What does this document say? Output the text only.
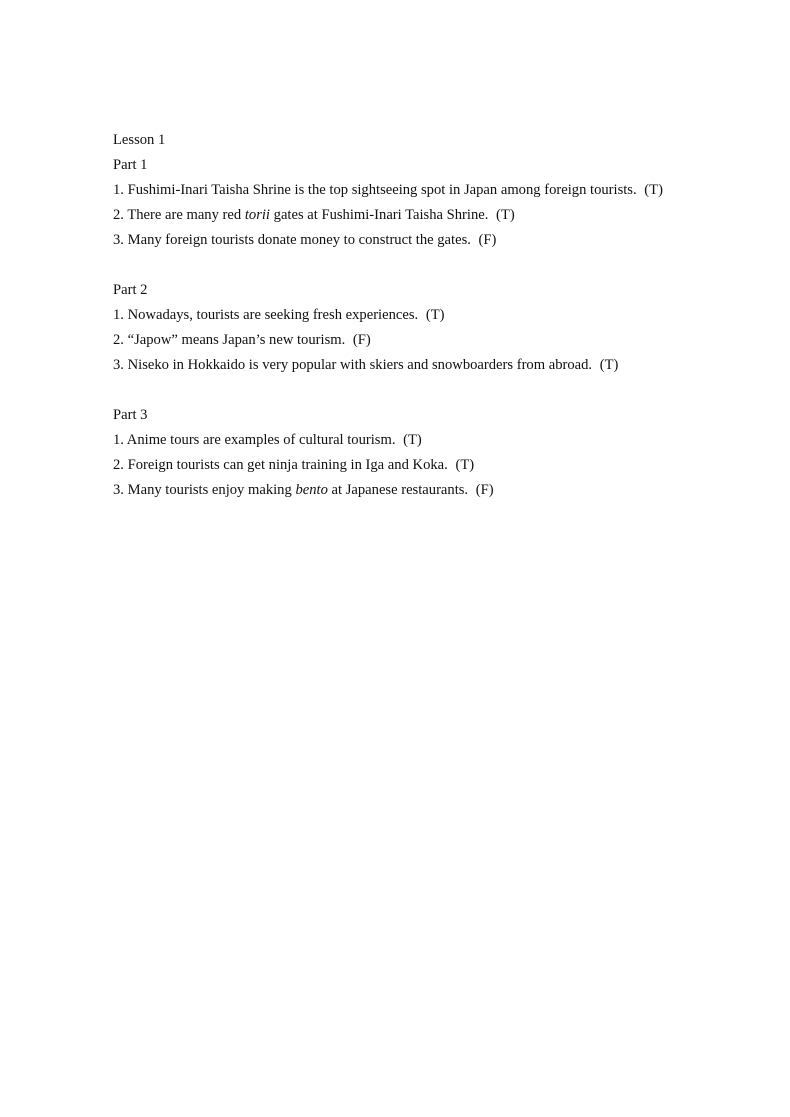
Lesson 1

Part 1

1. Fushimi-Inari Taisha Shrine is the top sightseeing spot in Japan among foreign tourists. (T)

2. There are many red torii gates at Fushimi-Inari Taisha Shrine. (T)

3. Many foreign tourists donate money to construct the gates. (F)

Part 2

1. Nowadays, tourists are seeking fresh experiences. (T)

2. “Japow” means Japan’s new tourism. (F)

3. Niseko in Hokkaido is very popular with skiers and snowboarders from abroad. (T)

Part 3

1. Anime tours are examples of cultural tourism. (T)

2. Foreign tourists can get ninja training in Iga and Koka. (T)

3. Many tourists enjoy making bento at Japanese restaurants. (F)
